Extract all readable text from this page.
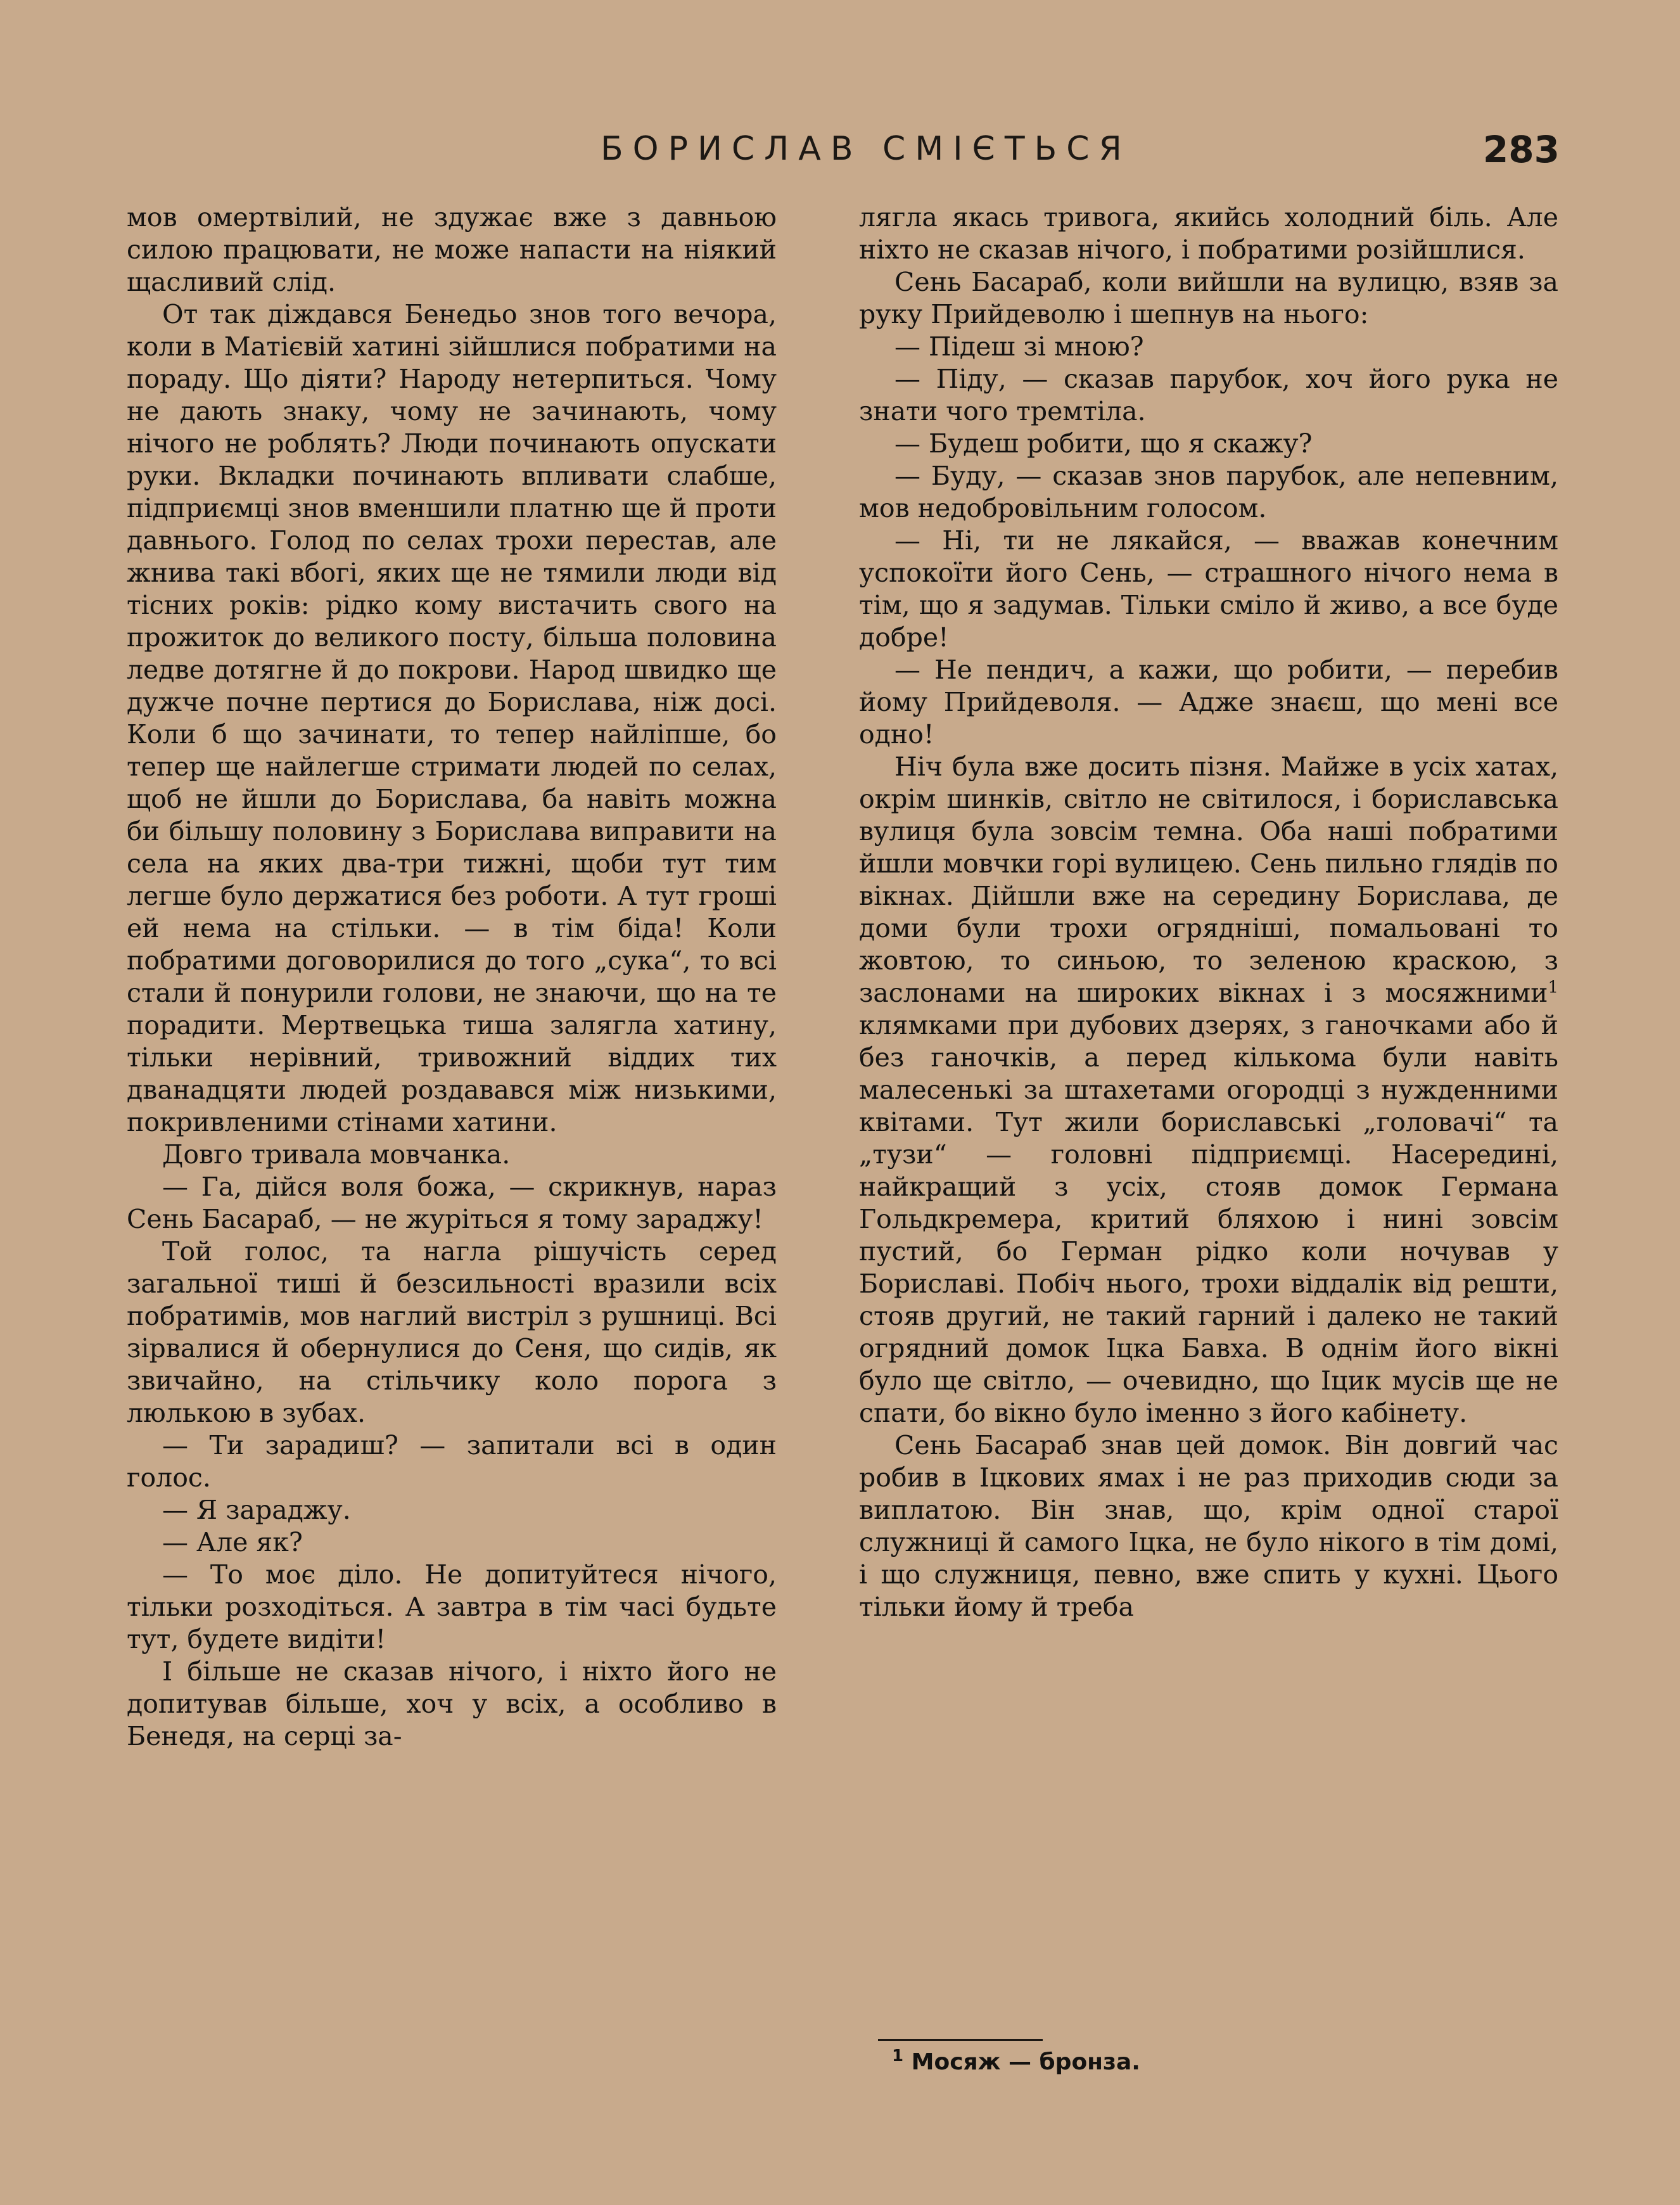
БОРИСЛАВ СМІЄТЬСЯ	283

мов омертвілий, не здужає вже з давньою силою працювати, не може напасти на ніякий щасливий слід.

От так діждався Бенедьо знов того вечора, коли в Матієвій хатині зійшлися побратими на пораду. Що діяти? Народу нетерпиться. Чому не дають знаку, чому не зачинають, чому нічого не роблять? Люди починають опускати руки. Вкладки починають впливати слабше, підприємці знов вменшили платню ще й проти давнього. Голод по селах трохи перестав, але жнива такі вбогі, яких ще не тямили люди від тісних років: рідко кому вистачить свого на прожиток до великого посту, більша половина ледве дотягне й до покрови. Народ швидко ще дужче почне пертися до Борислава, ніж досі. Коли б що зачинати, то тепер найліпше, бо тепер ще найлегше стримати людей по селах, щоб не йшли до Борислава, ба навіть можна би більшу половину з Борислава виправити на села на яких два-три тижні, щоби тут тим легше було держатися без роботи. А тут гроші ей нема на стільки. — в тім біда! Коли побратими договорилися до того „сука“, то всі стали й понурили голови, не знаючи, що на те порадити. Мертвецька тиша залягла хатину, тільки нерівний, тривожний віддих тих дванадцяти людей роздавався між низькими, покривленими стінами хатини.

Довго тривала мовчанка.

— Га, дійся воля божа, — скрикнув, нараз Сень Басараб, — не журіться я тому зараджу!

Той голос, та нагла рішучість серед загальної тиші й безсильності вразили всіх побратимів, мов наглий вистріл з рушниці. Всі зірвалися й обернулися до Сеня, що сидів, як звичайно, на стільчику коло порога з люлькою в зубах.

— Ти зарадиш? — запитали всі в один голос.

— Я зараджу.

— Але як?

— То моє діло. Не допитуйтеся нічого, тільки розходіться. А завтра в тім часі будьте тут, будете видіти!

І більше не сказав нічого, і ніхто його не допитував більше, хоч у всіх, а особливо в Бенедя, на серці за-

лягла якась тривога, якийсь холодний біль. Але ніхто не сказав нічого, і побратими розійшлися.

Сень Басараб, коли вийшли на вулицю, взяв за руку Прийдеволю і шепнув на нього:

— Підеш зі мною?

— Піду, — сказав парубок, хоч його рука не знати чого тремтіла.

— Будеш робити, що я скажу?

— Буду, — сказав знов парубок, але непевним, мов недобровільним голосом.

— Ні, ти не лякайся, — вважав конечним успокоїти його Сень, — страшного нічого нема в тім, що я задумав. Тільки сміло й живо, а все буде добре!

— Не пендич, а кажи, що робити, — перебив йому Прийдеволя. — Адже знаєш, що мені все одно!

Ніч була вже досить пізня. Майже в усіх хатах, окрім шинків, світло не світилося, і бориславська вулиця була зовсім темна. Оба наші побратими йшли мовчки горі вулицею. Сень пильно глядів по вікнах. Дійшли вже на середину Борислава, де доми були трохи огрядніші, помальовані то жовтою, то синьою, то зеленою краскою, з заслонами на широких вікнах і з мосяжними$^1$ клямками при дубових дзерях, з ганочками або й без ганочків, а перед кількома були навіть малесенькі за штахетами огородці з нужденними квітами. Тут жили бориславські „головачі“ та „тузи“ — головні підприємці. Насередині, найкращий з усіх, стояв домок Германа Гольдкремера, критий бляхою і нині зовсім пустий, бо Герман рідко коли ночував у Бориславі. Побіч нього, трохи віддалік від решти, стояв другий, не такий гарний і далеко не такий огрядний домок Іцка Бавха. В однім його вікні було ще світло, — очевидно, що Іцик мусів ще не спати, бо вікно було іменно з його кабінету.

Сень Басараб знав цей домок. Він довгий час робив в Іцкових ямах і не раз приходив сюди за виплатою. Він знав, що, крім одної старої служниці й самого Іцка, не було нікого в тім домі, і що служниця, певно, вже спить у кухні. Цього тільки йому й треба

$^1$ Мосяж — бронза.
